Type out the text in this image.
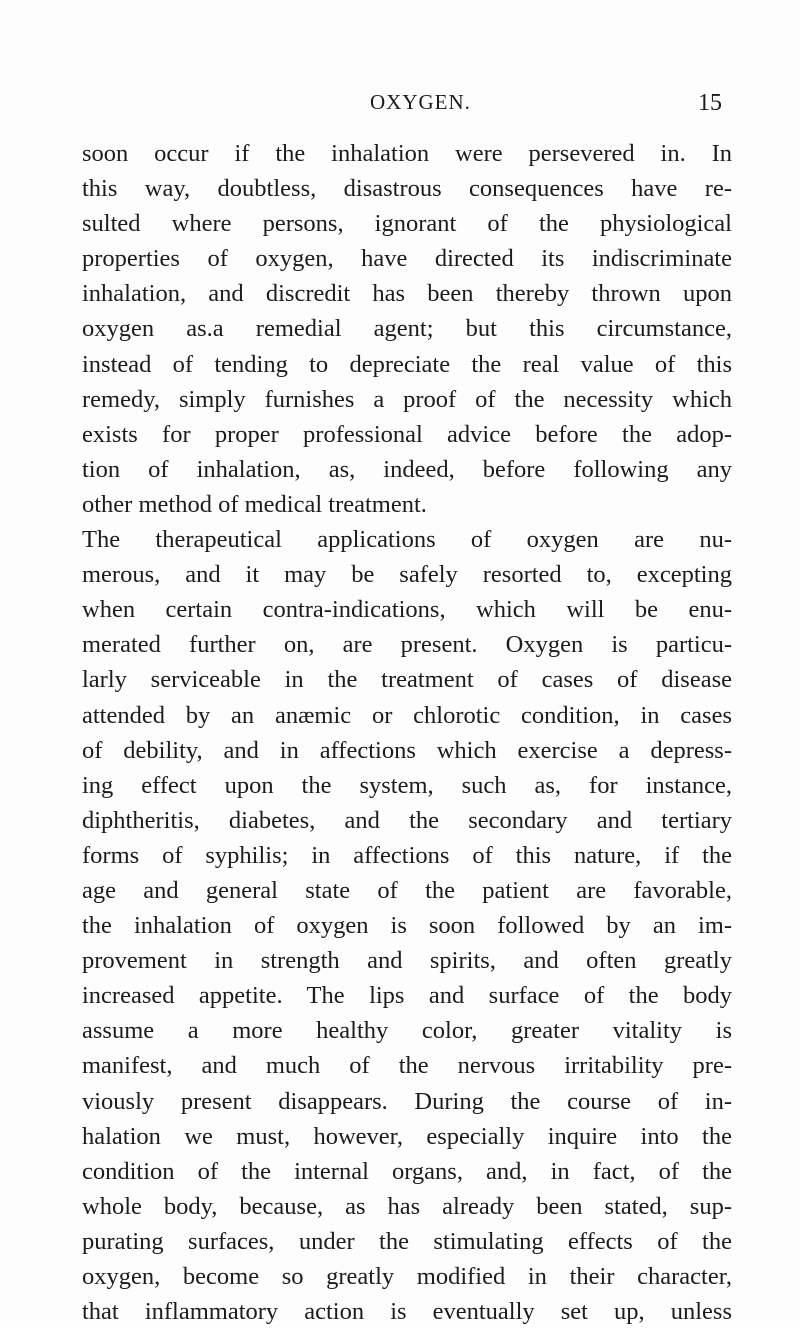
OXYGEN.	15
soon occur if the inhalation were persevered in. In
this way, doubtless, disastrous consequences have re-
sulted where persons, ignorant of the physiological
properties of oxygen, have directed its indiscriminate
inhalation, and discredit has been thereby thrown upon
oxygen as.a remedial agent; but this circumstance,
instead of tending to depreciate the real value of this
remedy, simply furnishes a proof of the necessity which
exists for proper professional advice before the adop-
tion of inhalation, as, indeed, before following any
other method of medical treatment.
The therapeutical applications of oxygen are nu-
merous, and it may be safely resorted to, excepting
when certain contra-indications, which will be enu-
merated further on, are present. Oxygen is particu-
larly serviceable in the treatment of cases of disease
attended by an anæmic or chlorotic condition, in cases
of debility, and in affections which exercise a depress-
ing effect upon the system, such as, for instance,
diphtheritis, diabetes, and the secondary and tertiary
forms of syphilis; in affections of this nature, if the
age and general state of the patient are favorable,
the inhalation of oxygen is soon followed by an im-
provement in strength and spirits, and often greatly
increased appetite. The lips and surface of the body
assume a more healthy color, greater vitality is
manifest, and much of the nervous irritability pre-
viously present disappears. During the course of in-
halation we must, however, especially inquire into the
condition of the internal organs, and, in fact, of the
whole body, because, as has already been stated, sup-
purating surfaces, under the stimulating effects of the
oxygen, become so greatly modified in their character,
that inflammatory action is eventually set up, unless
